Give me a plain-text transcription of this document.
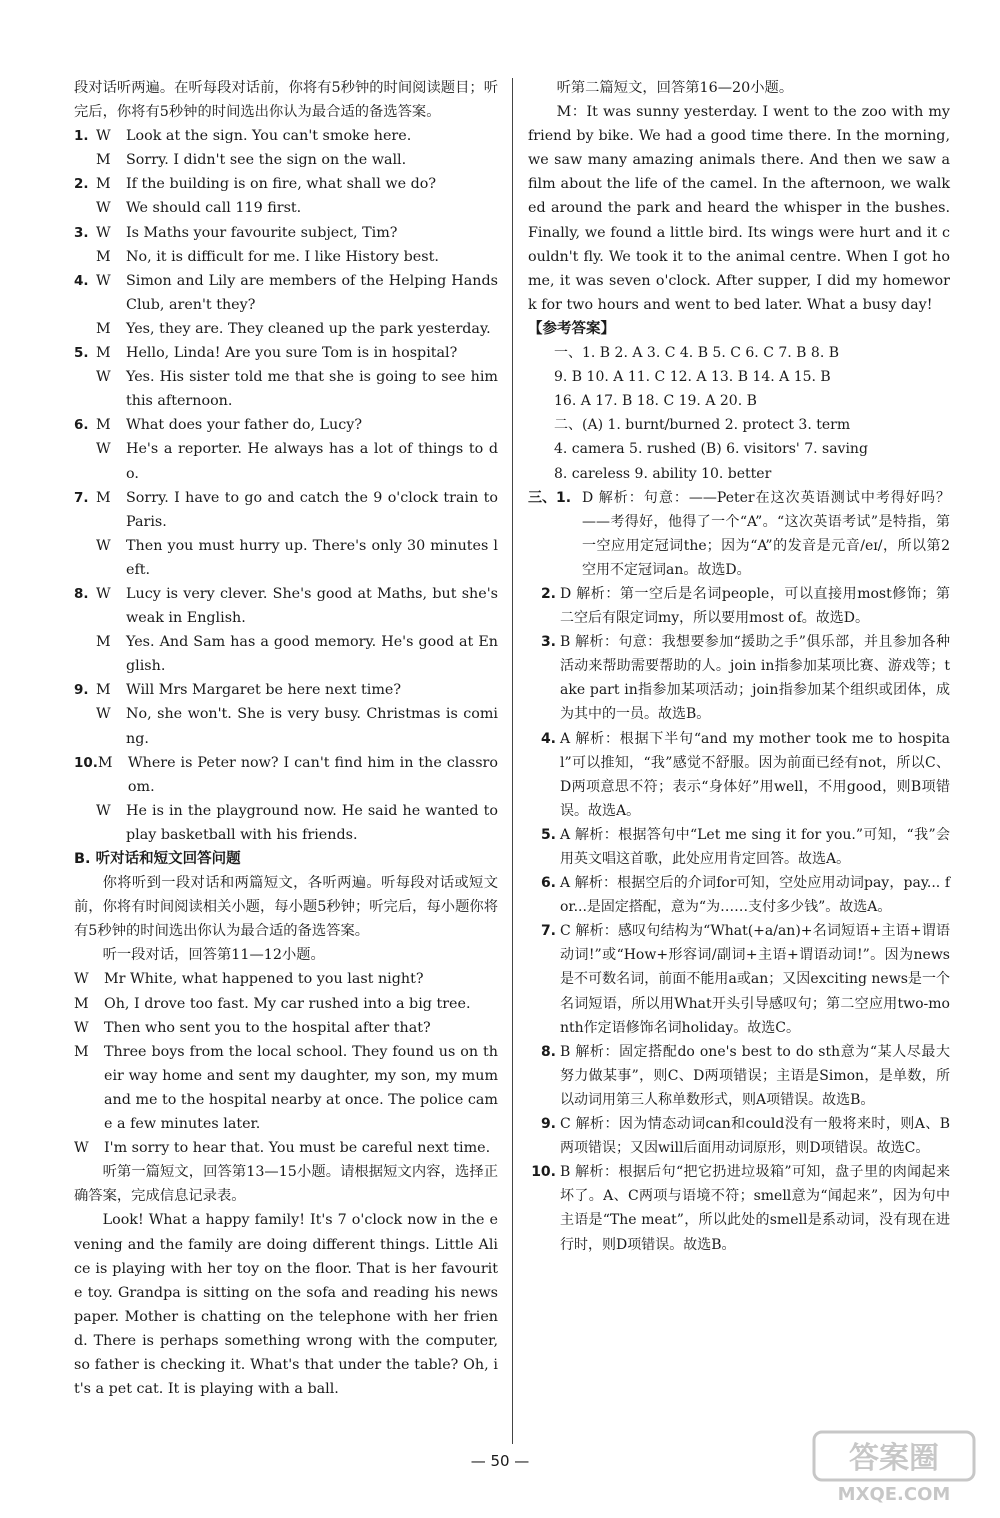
段对话听两遍。在听每段对话前，你将有5秒钟的时间阅读题目；听完后，你将有5秒钟的时间选出你认为最合适的备选答案。
1. W	Look at the sign. You can't smoke here.
M	Sorry. I didn't see the sign on the wall.
2. M	If the building is on fire, what shall we do?
W	We should call 119 first.
3. W	Is Maths your favourite subject, Tim?
M	No, it is difficult for me. I like History best.
4. W	Simon and Lily are members of the Helping Hands Club, aren't they?
M	Yes, they are. They cleaned up the park yesterday.
5. M	Hello, Linda! Are you sure Tom is in hospital?
W	Yes. His sister told me that she is going to see him this afternoon.
6. M	What does your father do, Lucy?
W	He's a reporter. He always has a lot of things to do.
7. M	Sorry. I have to go and catch the 9 o'clock train to Paris.
W	Then you must hurry up. There's only 30 minutes left.
8. W	Lucy is very clever. She's good at Maths, but she's weak in English.
M	Yes. And Sam has a good memory. He's good at English.
9. M	Will Mrs Margaret be here next time?
W	No, she won't. She is very busy. Christmas is coming.
10. M	Where is Peter now? I can't find him in the classroom.
W	He is in the playground now. He said he wanted to play basketball with his friends.
B. 听对话和短文回答问题
你将听到一段对话和两篇短文，各听两遍。听每段对话或短文前，你将有时间阅读相关小题，每小题5秒钟；听完后，每小题你将有5秒钟的时间选出你认为最合适的备选答案。
听一段对话，回答第11—12小题。
W	Mr White, what happened to you last night?
M	Oh, I drove too fast. My car rushed into a big tree.
W	Then who sent you to the hospital after that?
M	Three boys from the local school. They found us on their way home and sent my daughter, my son, my mum and me to the hospital nearby at once. The police came a few minutes later.
W	I'm sorry to hear that. You must be careful next time.
听第一篇短文，回答第13—15小题。请根据短文内容，选择正确答案，完成信息记录表。
Look! What a happy family! It's 7 o'clock now in the evening and the family are doing different things. Little Alice is playing with her toy on the floor. That is her favourite toy. Grandpa is sitting on the sofa and reading his newspaper. Mother is chatting on the telephone with her friend. There is perhaps something wrong with the computer, so father is checking it. What's that under the table? Oh, it's a pet cat. It is playing with a ball.
听第二篇短文，回答第16—20小题。
M：It was sunny yesterday. I went to the zoo with my friend by bike. We had a good time there. In the morning, we saw many amazing animals there. And then we saw a film about the life of the camel. In the afternoon, we walked around the park and heard the whisper in the bushes. Finally, we found a little bird. Its wings were hurt and it couldn't fly. We took it to the animal centre. When I got home, it was seven o'clock. After supper, I did my homework for two hours and went to bed later. What a busy day!
【参考答案】
一、1. B 2. A 3. C 4. B 5. C 6. C 7. B 8. B
9. B 10. A 11. C 12. A 13. B 14. A 15. B
16. A 17. B 18. C 19. A 20. B
二、(A) 1. burnt/burned 2. protect 3. term
4. camera 5. rushed (B) 6. visitors' 7. saving
8. careless 9. ability 10. better
三、 1. D 解析：句意：——Peter在这次英语测试中考得好吗？——考得好，他得了一个“A”。“这次英语考试”是特指，第一空应用定冠词the；因为“A”的发音是元音/eɪ/，所以第2空用不定冠词an。故选D。
2. D 解析：第一空后是名词people，可以直接用most修饰；第二空后有限定词my，所以要用most of。故选D。
3. B 解析：句意：我想要参加“援助之手”俱乐部，并且参加各种活动来帮助需要帮助的人。join in指参加某项比赛、游戏等；take part in指参加某项活动；join指参加某个组织或团体，成为其中的一员。故选B。
4. A 解析：根据下半句“and my mother took me to hospital”可以推知，“我”感觉不舒服。因为前面已经有not，所以C、D两项意思不符；表示“身体好”用well，不用good，则B项错误。故选A。
5. A 解析：根据答句中“Let me sing it for you.”可知，“我”会用英文唱这首歌，此处应用肯定回答。故选A。
6. A 解析：根据空后的介词for可知，空处应用动词pay，pay... for...是固定搭配，意为“为……支付多少钱”。故选A。
7. C 解析：感叹句结构为“What(+a/an)+名词短语+主语+谓语动词!”或“How+形容词/副词+主语+谓语动词!”。因为news是不可数名词，前面不能用a或an；又因exciting news是一个名词短语，所以用What开头引导感叹句；第二空应用two-month作定语修饰名词holiday。故选C。
8. B 解析：固定搭配do one's best to do sth意为“某人尽最大努力做某事”，则C、D两项错误；主语是Simon，是单数，所以动词用第三人称单数形式，则A项错误。故选B。
9. C 解析：因为情态动词can和could没有一般将来时，则A、B两项错误；又因will后面用动词原形，则D项错误。故选C。
10. B 解析：根据后句“把它扔进垃圾箱”可知，盘子里的肉闻起来坏了。A、C两项与语境不符；smell意为“闻起来”，因为句中主语是“The meat”，所以此处的smell是系动词，没有现在进行时，则D项错误。故选B。
— 50 —	答案圈
MXQE.COM
